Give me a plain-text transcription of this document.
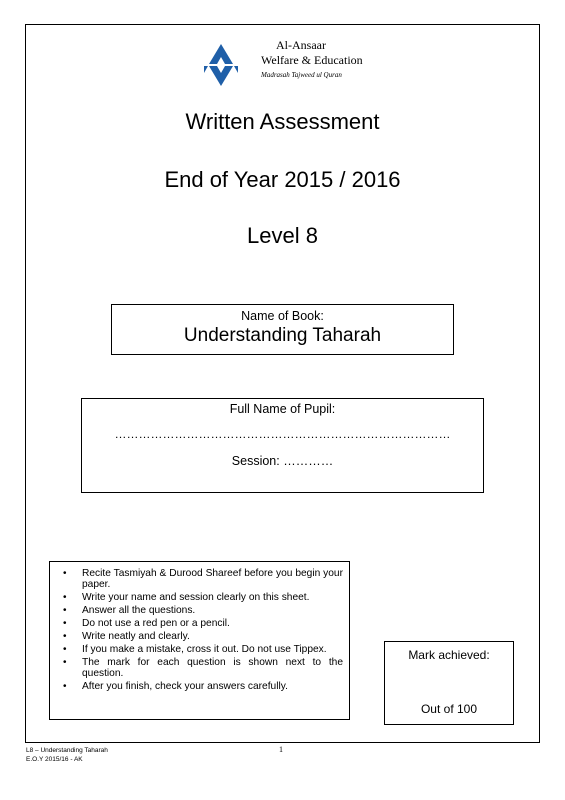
Al-Ansaar
Welfare & Education
Madrasah Tajweed ul Quran
Written Assessment
End of Year 2015 / 2016
Level 8
Name of Book:
Understanding Taharah
Full Name of Pupil:
…………………………………………………………………………
Session: …………
• Recite Tasmiyah & Durood Shareef before you begin your paper.
• Write your name and session clearly on this sheet.
• Answer all the questions.
• Do not use a red pen or a pencil.
• Write neatly and clearly.
• If you make a mistake, cross it out. Do not use Tippex.
• The mark for each question is shown next to the question.
• After you finish, check your answers carefully.
Mark achieved:
Out of 100
L8 – Understanding Taharah
E.O.Y 2015/16 - AK
1
